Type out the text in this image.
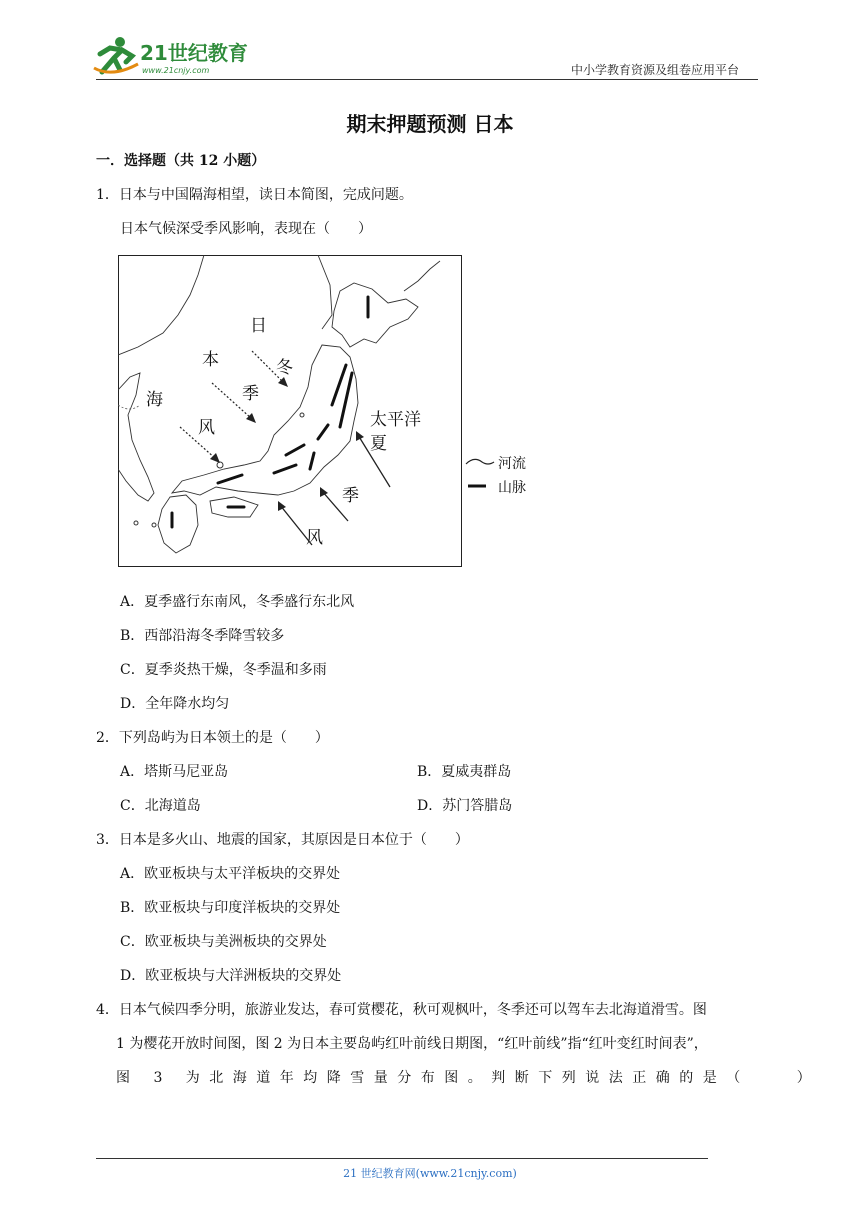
21世纪教育
www.21cnjy.com	中小学教育资源及组卷应用平台
期末押题预测 日本
一．选择题（共 12 小题）
1．日本与中国隔海相望，读日本简图，完成问题。
日本气候深受季风影响，表现在（　　）
日
本
海
冬
季
风	太平洋
夏
季
风
河流
山脉
A．夏季盛行东南风，冬季盛行东北风
B．西部沿海冬季降雪较多
C．夏季炎热干燥，冬季温和多雨
D．全年降水均匀
2．下列岛屿为日本领土的是（　　）
A．塔斯马尼亚岛	B．夏威夷群岛
C．北海道岛	D．苏门答腊岛
3．日本是多火山、地震的国家，其原因是日本位于（　　）
A．欧亚板块与太平洋板块的交界处
B．欧亚板块与印度洋板块的交界处
C．欧亚板块与美洲板块的交界处
D．欧亚板块与大洋洲板块的交界处
4．日本气候四季分明，旅游业发达，春可赏樱花，秋可观枫叶，冬季还可以驾车去北海道滑雪。图
1 为樱花开放时间图，图 2 为日本主要岛屿红叶前线日期图，“红叶前线”指“红叶变红时间表”，
图 3 为北海道年均降雪量分布图。判断下列说法正确的是（　　）
21 世纪教育网(www.21cnjy.com)
